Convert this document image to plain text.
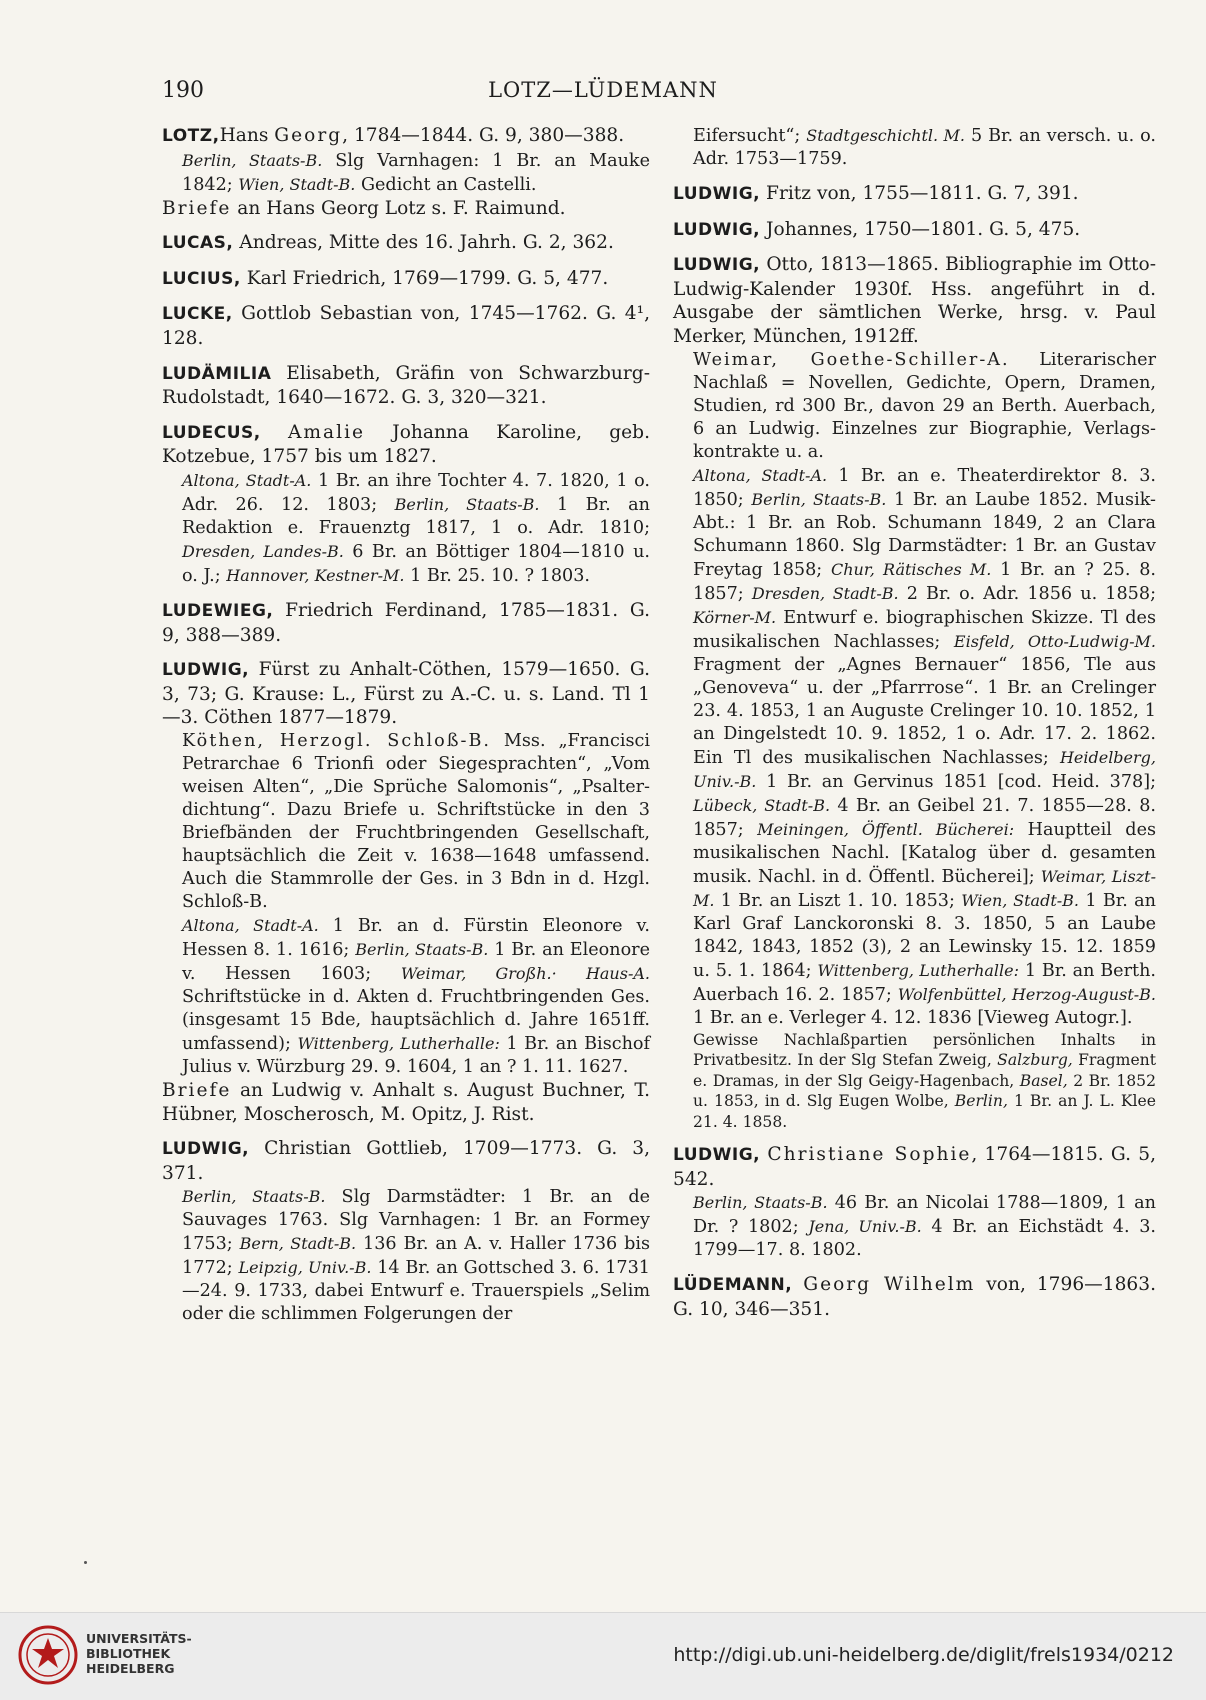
190	LOTZ—LÜDEMANN

LOTZ,Hans Georg, 1784—1844. G. 9, 380—388.

Berlin, Staats-B. Slg Varnhagen: 1 Br. an Mauke 1842; Wien, Stadt-B. Gedicht an Castelli.

Briefe an Hans Georg Lotz s. F. Raimund.

LUCAS, Andreas, Mitte des 16. Jahrh. G. 2, 362.

LUCIUS, Karl Friedrich, 1769—1799. G. 5, 477.

LUCKE, Gottlob Sebastian von, 1745—1762. G. 4¹, 128.

LUDÄMILIA Elisabeth, Gräfin von Schwarzburg-Rudolstadt, 1640—1672. G. 3, 320—321.

LUDECUS, Amalie Johanna Karoline, geb. Kotzebue, 1757 bis um 1827.

Altona, Stadt-A. 1 Br. an ihre Tochter 4. 7. 1820, 1 o. Adr. 26. 12. 1803; Berlin, Staats-B. 1 Br. an Redaktion e. Frauenztg 1817, 1 o. Adr. 1810; Dresden, Landes-B. 6 Br. an Böttiger 1804—1810 u. o. J.; Hannover, Kestner-M. 1 Br. 25. 10. ? 1803.

LUDEWIEG, Friedrich Ferdinand, 1785—1831. G. 9, 388—389.

LUDWIG, Fürst zu Anhalt-Cöthen, 1579—1650. G. 3, 73; G. Krause: L., Fürst zu A.-C. u. s. Land. Tl 1—3. Cöthen 1877—1879.

Köthen, Herzogl. Schloß-B. Mss. „Francisci Petrarchae 6 Trionfi oder Siegesprachten“, „Vom weisen Alten“, „Die Sprüche Salomonis“, „Psalter-dichtung“. Dazu Briefe u. Schriftstücke in den 3 Briefbänden der Fruchtbringenden Gesellschaft, hauptsächlich die Zeit v. 1638—1648 umfassend. Auch die Stammrolle der Ges. in 3 Bdn in d. Hzgl. Schloß-B.

Altona, Stadt-A. 1 Br. an d. Fürstin Eleonore v. Hessen 8. 1. 1616; Berlin, Staats-B. 1 Br. an Eleonore v. Hessen 1603; Weimar, Großh.· Haus-A. Schriftstücke in d. Akten d. Fruchtbringenden Ges. (insgesamt 15 Bde, hauptsächlich d. Jahre 1651ff. umfassend); Wittenberg, Lutherhalle: 1 Br. an Bischof Julius v. Würzburg 29. 9. 1604, 1 an ? 1. 11. 1627.

Briefe an Ludwig v. Anhalt s. August Buchner, T. Hübner, Moscherosch, M. Opitz, J. Rist.

LUDWIG, Christian Gottlieb, 1709—1773. G. 3, 371.

Berlin, Staats-B. Slg Darmstädter: 1 Br. an de Sauvages 1763. Slg Varnhagen: 1 Br. an Formey 1753; Bern, Stadt-B. 136 Br. an A. v. Haller 1736 bis 1772; Leipzig, Univ.-B. 14 Br. an Gottsched 3. 6. 1731—24. 9. 1733, dabei Entwurf e. Trauerspiels „Selim oder die schlimmen Folgerungen der

Eifersucht“; Stadtgeschichtl. M. 5 Br. an versch. u. o. Adr. 1753—1759.

LUDWIG, Fritz von, 1755—1811. G. 7, 391.

LUDWIG, Johannes, 1750—1801. G. 5, 475.

LUDWIG, Otto, 1813—1865. Bibliographie im Otto-Ludwig-Kalender 1930f. Hss. angeführt in d. Ausgabe der sämtlichen Werke, hrsg. v. Paul Merker, München, 1912ff.

Weimar, Goethe-Schiller-A. Literarischer Nachlaß = Novellen, Gedichte, Opern, Dramen, Studien, rd 300 Br., davon 29 an Berth. Auerbach, 6 an Ludwig. Einzelnes zur Biographie, Verlags-kontrakte u. a.

Altona, Stadt-A. 1 Br. an e. Theaterdirektor 8. 3. 1850; Berlin, Staats-B. 1 Br. an Laube 1852. Musik-Abt.: 1 Br. an Rob. Schumann 1849, 2 an Clara Schumann 1860. Slg Darmstädter: 1 Br. an Gustav Freytag 1858; Chur, Rätisches M. 1 Br. an ? 25. 8. 1857; Dresden, Stadt-B. 2 Br. o. Adr. 1856 u. 1858; Körner-M. Entwurf e. biographischen Skizze. Tl des musikalischen Nachlasses; Eisfeld, Otto-Ludwig-M. Fragment der „Agnes Bernauer“ 1856, Tle aus „Genoveva“ u. der „Pfarrrose“. 1 Br. an Crelinger 23. 4. 1853, 1 an Auguste Crelinger 10. 10. 1852, 1 an Dingelstedt 10. 9. 1852, 1 o. Adr. 17. 2. 1862. Ein Tl des musikalischen Nachlasses; Heidelberg, Univ.-B. 1 Br. an Gervinus 1851 [cod. Heid. 378]; Lübeck, Stadt-B. 4 Br. an Geibel 21. 7. 1855—28. 8. 1857; Meiningen, Öffentl. Bücherei: Hauptteil des musikalischen Nachl. [Katalog über d. gesamten musik. Nachl. in d. Öffentl. Bücherei]; Weimar, Liszt-M. 1 Br. an Liszt 1. 10. 1853; Wien, Stadt-B. 1 Br. an Karl Graf Lanckoronski 8. 3. 1850, 5 an Laube 1842, 1843, 1852 (3), 2 an Lewinsky 15. 12. 1859 u. 5. 1. 1864; Wittenberg, Lutherhalle: 1 Br. an Berth. Auerbach 16. 2. 1857; Wolfenbüttel, Herzog-August-B. 1 Br. an e. Verleger 4. 12. 1836 [Vieweg Autogr.].

Gewisse Nachlaßpartien persönlichen Inhalts in Privatbesitz. In der Slg Stefan Zweig, Salzburg, Fragment e. Dramas, in der Slg Geigy-Hagenbach, Basel, 2 Br. 1852 u. 1853, in d. Slg Eugen Wolbe, Berlin, 1 Br. an J. L. Klee 21. 4. 1858.

LUDWIG, Christiane Sophie, 1764—1815. G. 5, 542.

Berlin, Staats-B. 46 Br. an Nicolai 1788—1809, 1 an Dr. ? 1802; Jena, Univ.-B. 4 Br. an Eichstädt 4. 3. 1799—17. 8. 1802.

LÜDEMANN, Georg Wilhelm von, 1796—1863. G. 10, 346—351.

UNIVERSITÄTS-
BIBLIOTHEK
HEIDELBERG
http://digi.ub.uni-heidelberg.de/diglit/frels1934/0212
